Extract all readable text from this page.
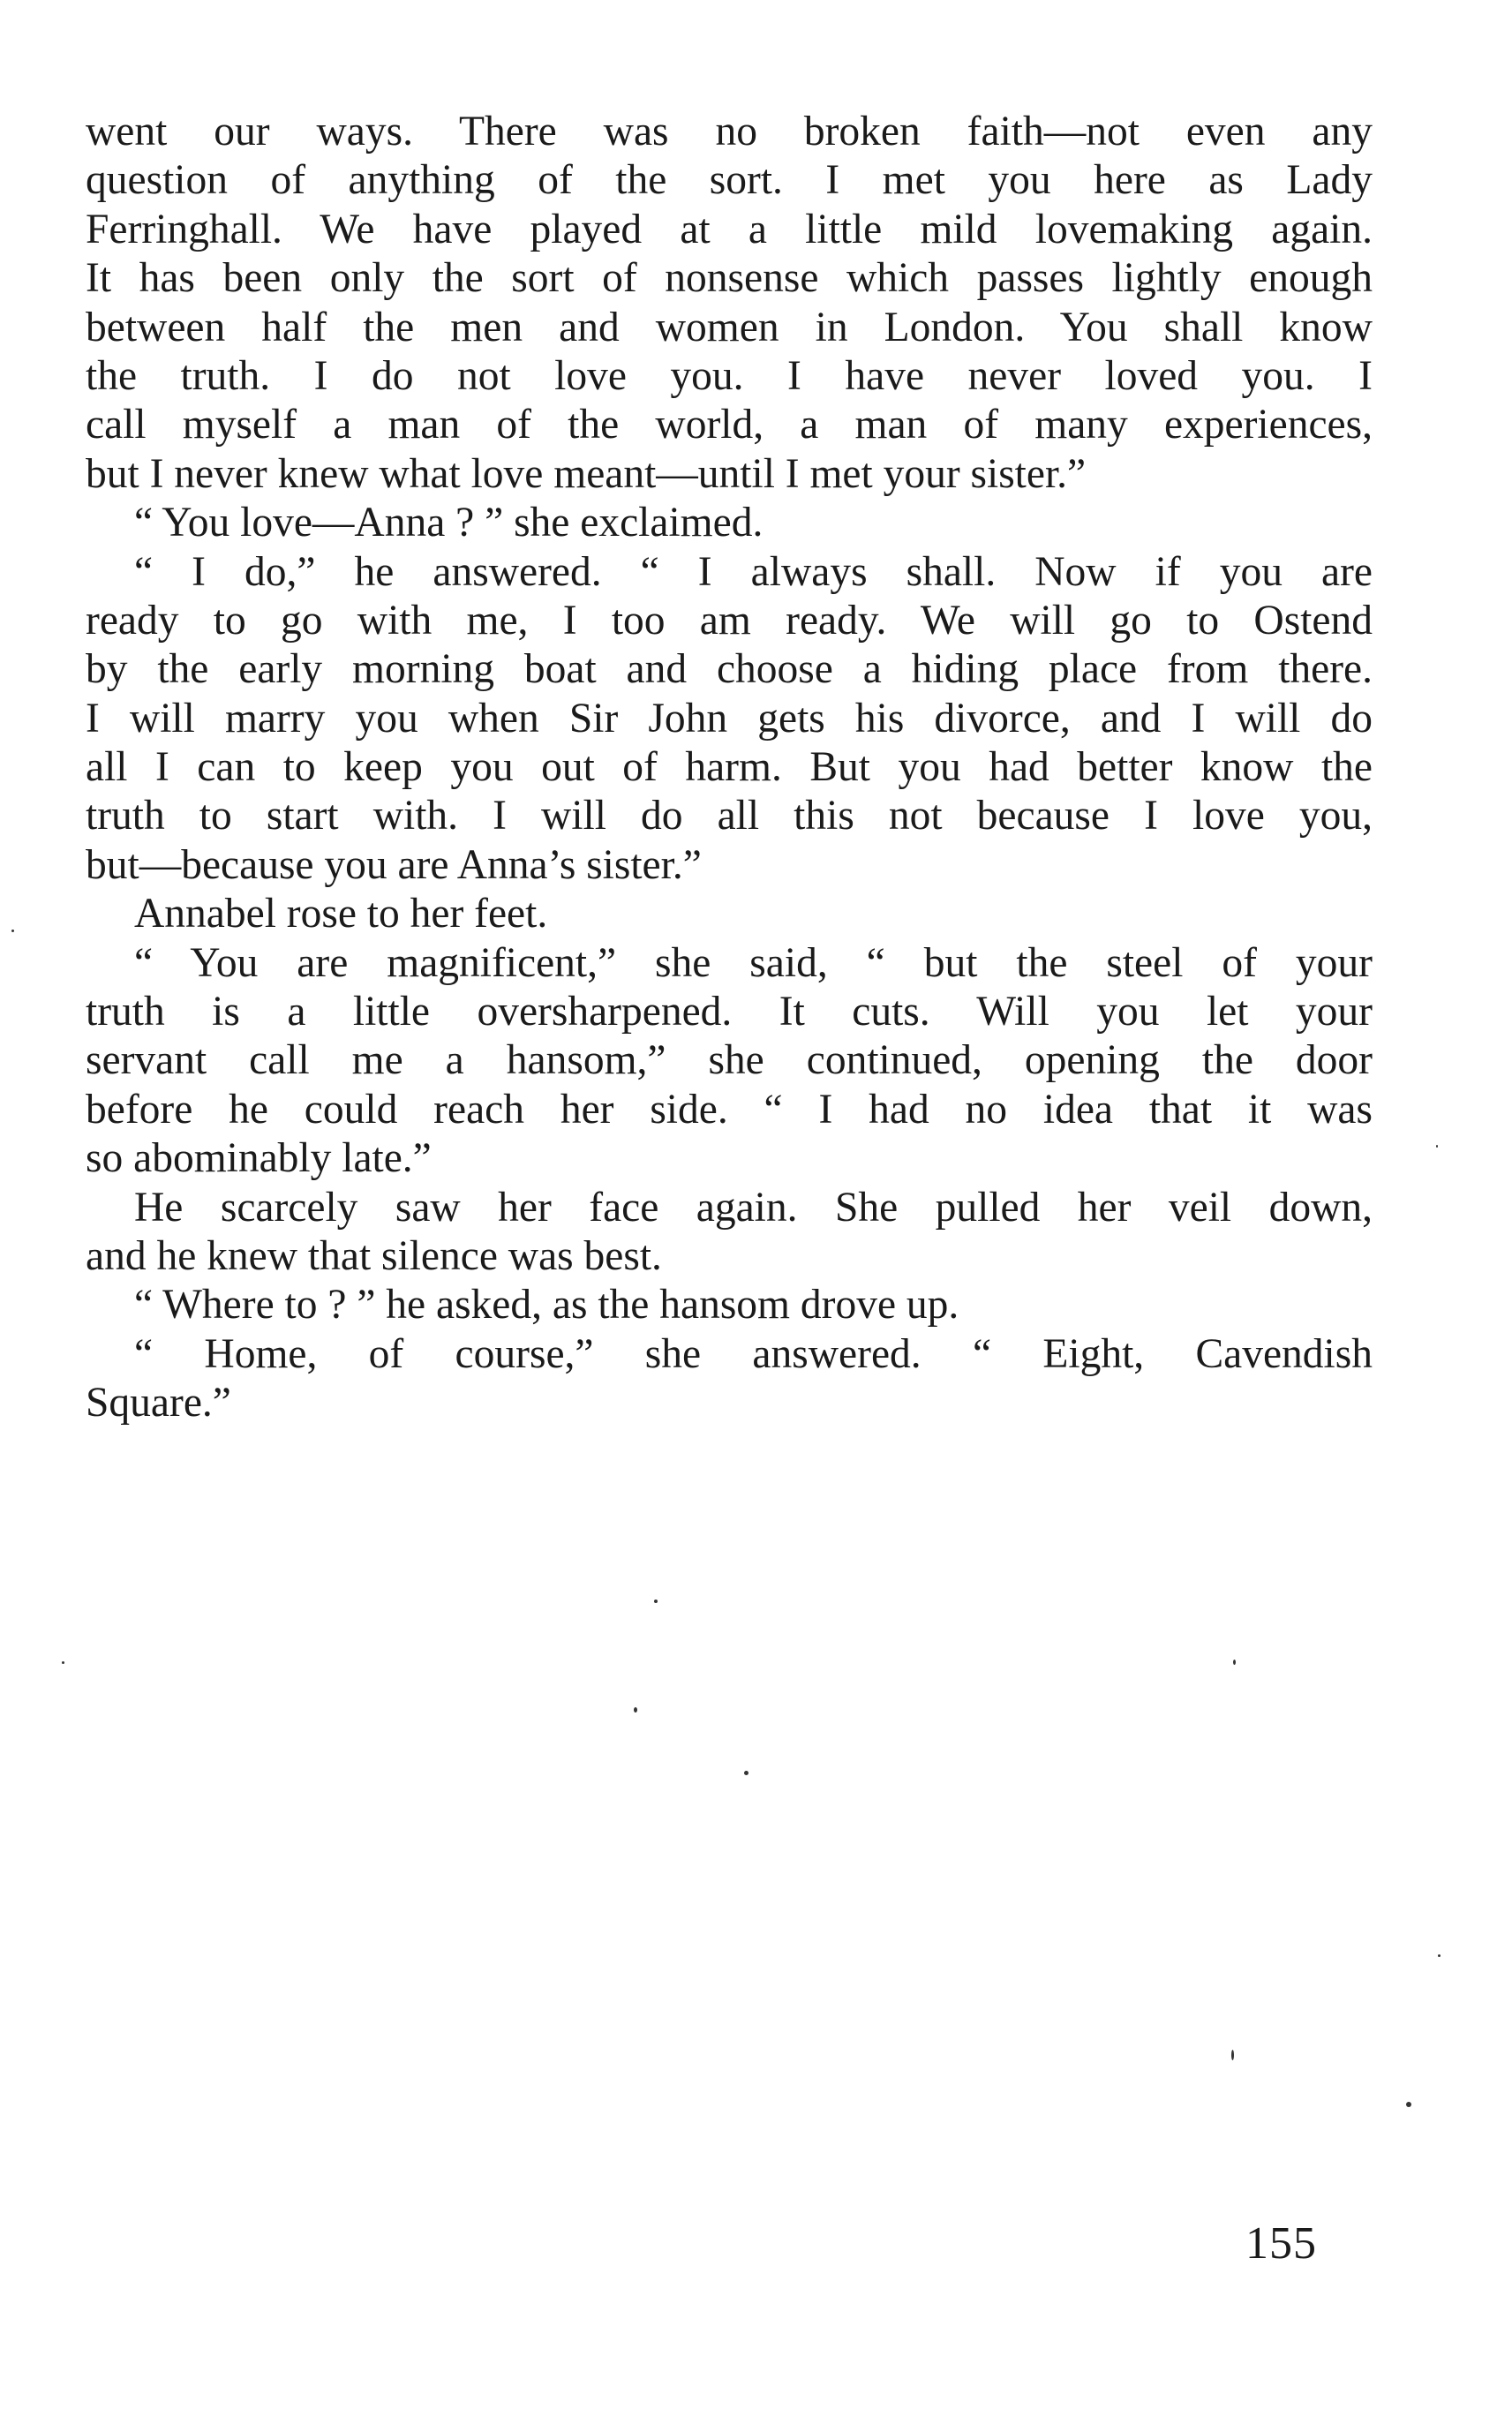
went our ways. There was no broken faith—not even any
question of anything of the sort. I met you here as Lady
Ferringhall. We have played at a little mild lovemaking again.
It has been only the sort of nonsense which passes lightly enough
between half the men and women in London. You shall know
the truth. I do not love you. I have never loved you. I
call myself a man of the world, a man of many experiences,
but I never knew what love meant—until I met your sister.”
“ You love—Anna ? ” she exclaimed.
“ I do,” he answered. “ I always shall. Now if you are
ready to go with me, I too am ready. We will go to Ostend
by the early morning boat and choose a hiding place from there.
I will marry you when Sir John gets his divorce, and I will do
all I can to keep you out of harm. But you had better know the
truth to start with. I will do all this not because I love you,
but—because you are Anna’s sister.”
Annabel rose to her feet.
“ You are magnificent,” she said, “ but the steel of your
truth is a little oversharpened. It cuts. Will you let your
servant call me a hansom,” she continued, opening the door
before he could reach her side. “ I had no idea that it was
so abominably late.”
He scarcely saw her face again. She pulled her veil down,
and he knew that silence was best.
“ Where to ? ” he asked, as the hansom drove up.
“ Home, of course,” she answered. “ Eight, Cavendish
Square.”
155
